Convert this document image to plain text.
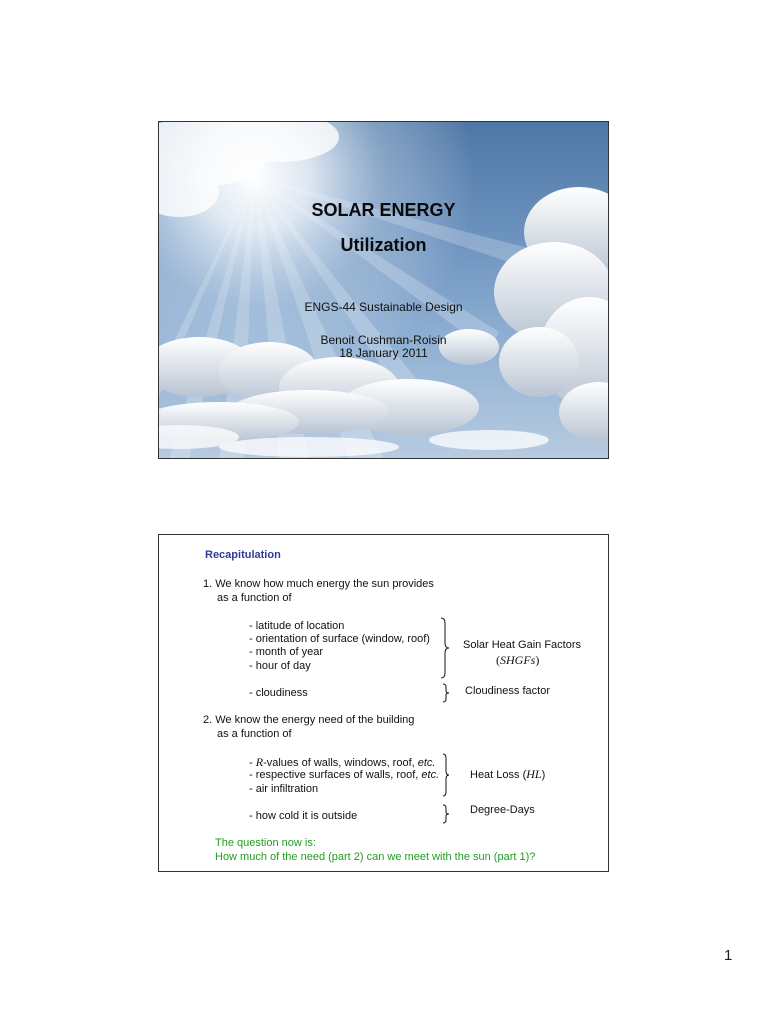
SOLAR ENERGY
Utilization
ENGS-44 Sustainable Design
Benoit Cushman-Roisin
18 January 2011
Recapitulation
1. We know how much energy the sun provides
as a function of
- latitude of location
- orientation of surface (window, roof)
- month of year
- hour of day
Solar Heat Gain Factors
(SHGFs)
- cloudiness	Cloudiness factor
2. We know the energy need of the building
as a function of
- R-values of walls, windows, roof, etc.
- respective surfaces of walls, roof, etc.
- air infiltration
Heat Loss (HL)
- how cold it is outside	Degree-Days
The question now is:
How much of the need (part 2) can we meet with the sun (part 1)?
1
